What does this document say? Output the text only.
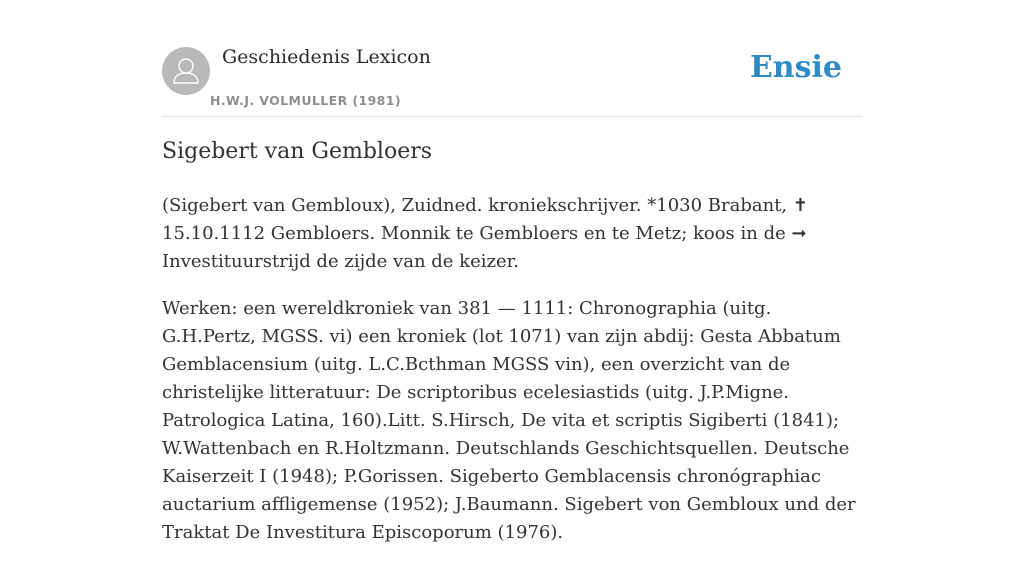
Geschiedenis Lexicon
H.W.J. VOLMULLER (1981)
Ensie
Sigebert van Gembloers

(Sigebert van Gembloux), Zuidned. kroniekschrijver. *1030 Brabant, ✝ 15.10.1112 Gembloers. Monnik te Gembloers en te Metz; koos in de ➞ Investituurstrijd de zijde van de keizer.

Werken: een wereldkroniek van 381 — 1111: Chronographia (uitg. G.H.Pertz, MGSS. vi) een kroniek (lot 1071) van zijn abdij: Gesta Abbatum Gemblacensium (uitg. L.C.Bcthman MGSS vin), een overzicht van de christelijke litteratuur: De scriptoribus ecelesiastids (uitg. J.P.Migne. Patrologica Latina, 160).Litt. S.Hirsch, De vita et scriptis Sigiberti (1841); W.Wattenbach en R.Holtzmann. Deutschlands Geschichtsquellen. Deutsche Kaiserzeit I (1948); P.Gorissen. Sigeberto Gemblacensis chronógraphiac auctarium affligemense (1952); J.Baumann. Sigebert von Gembloux und der Traktat De Investitura Episcoporum (1976).
